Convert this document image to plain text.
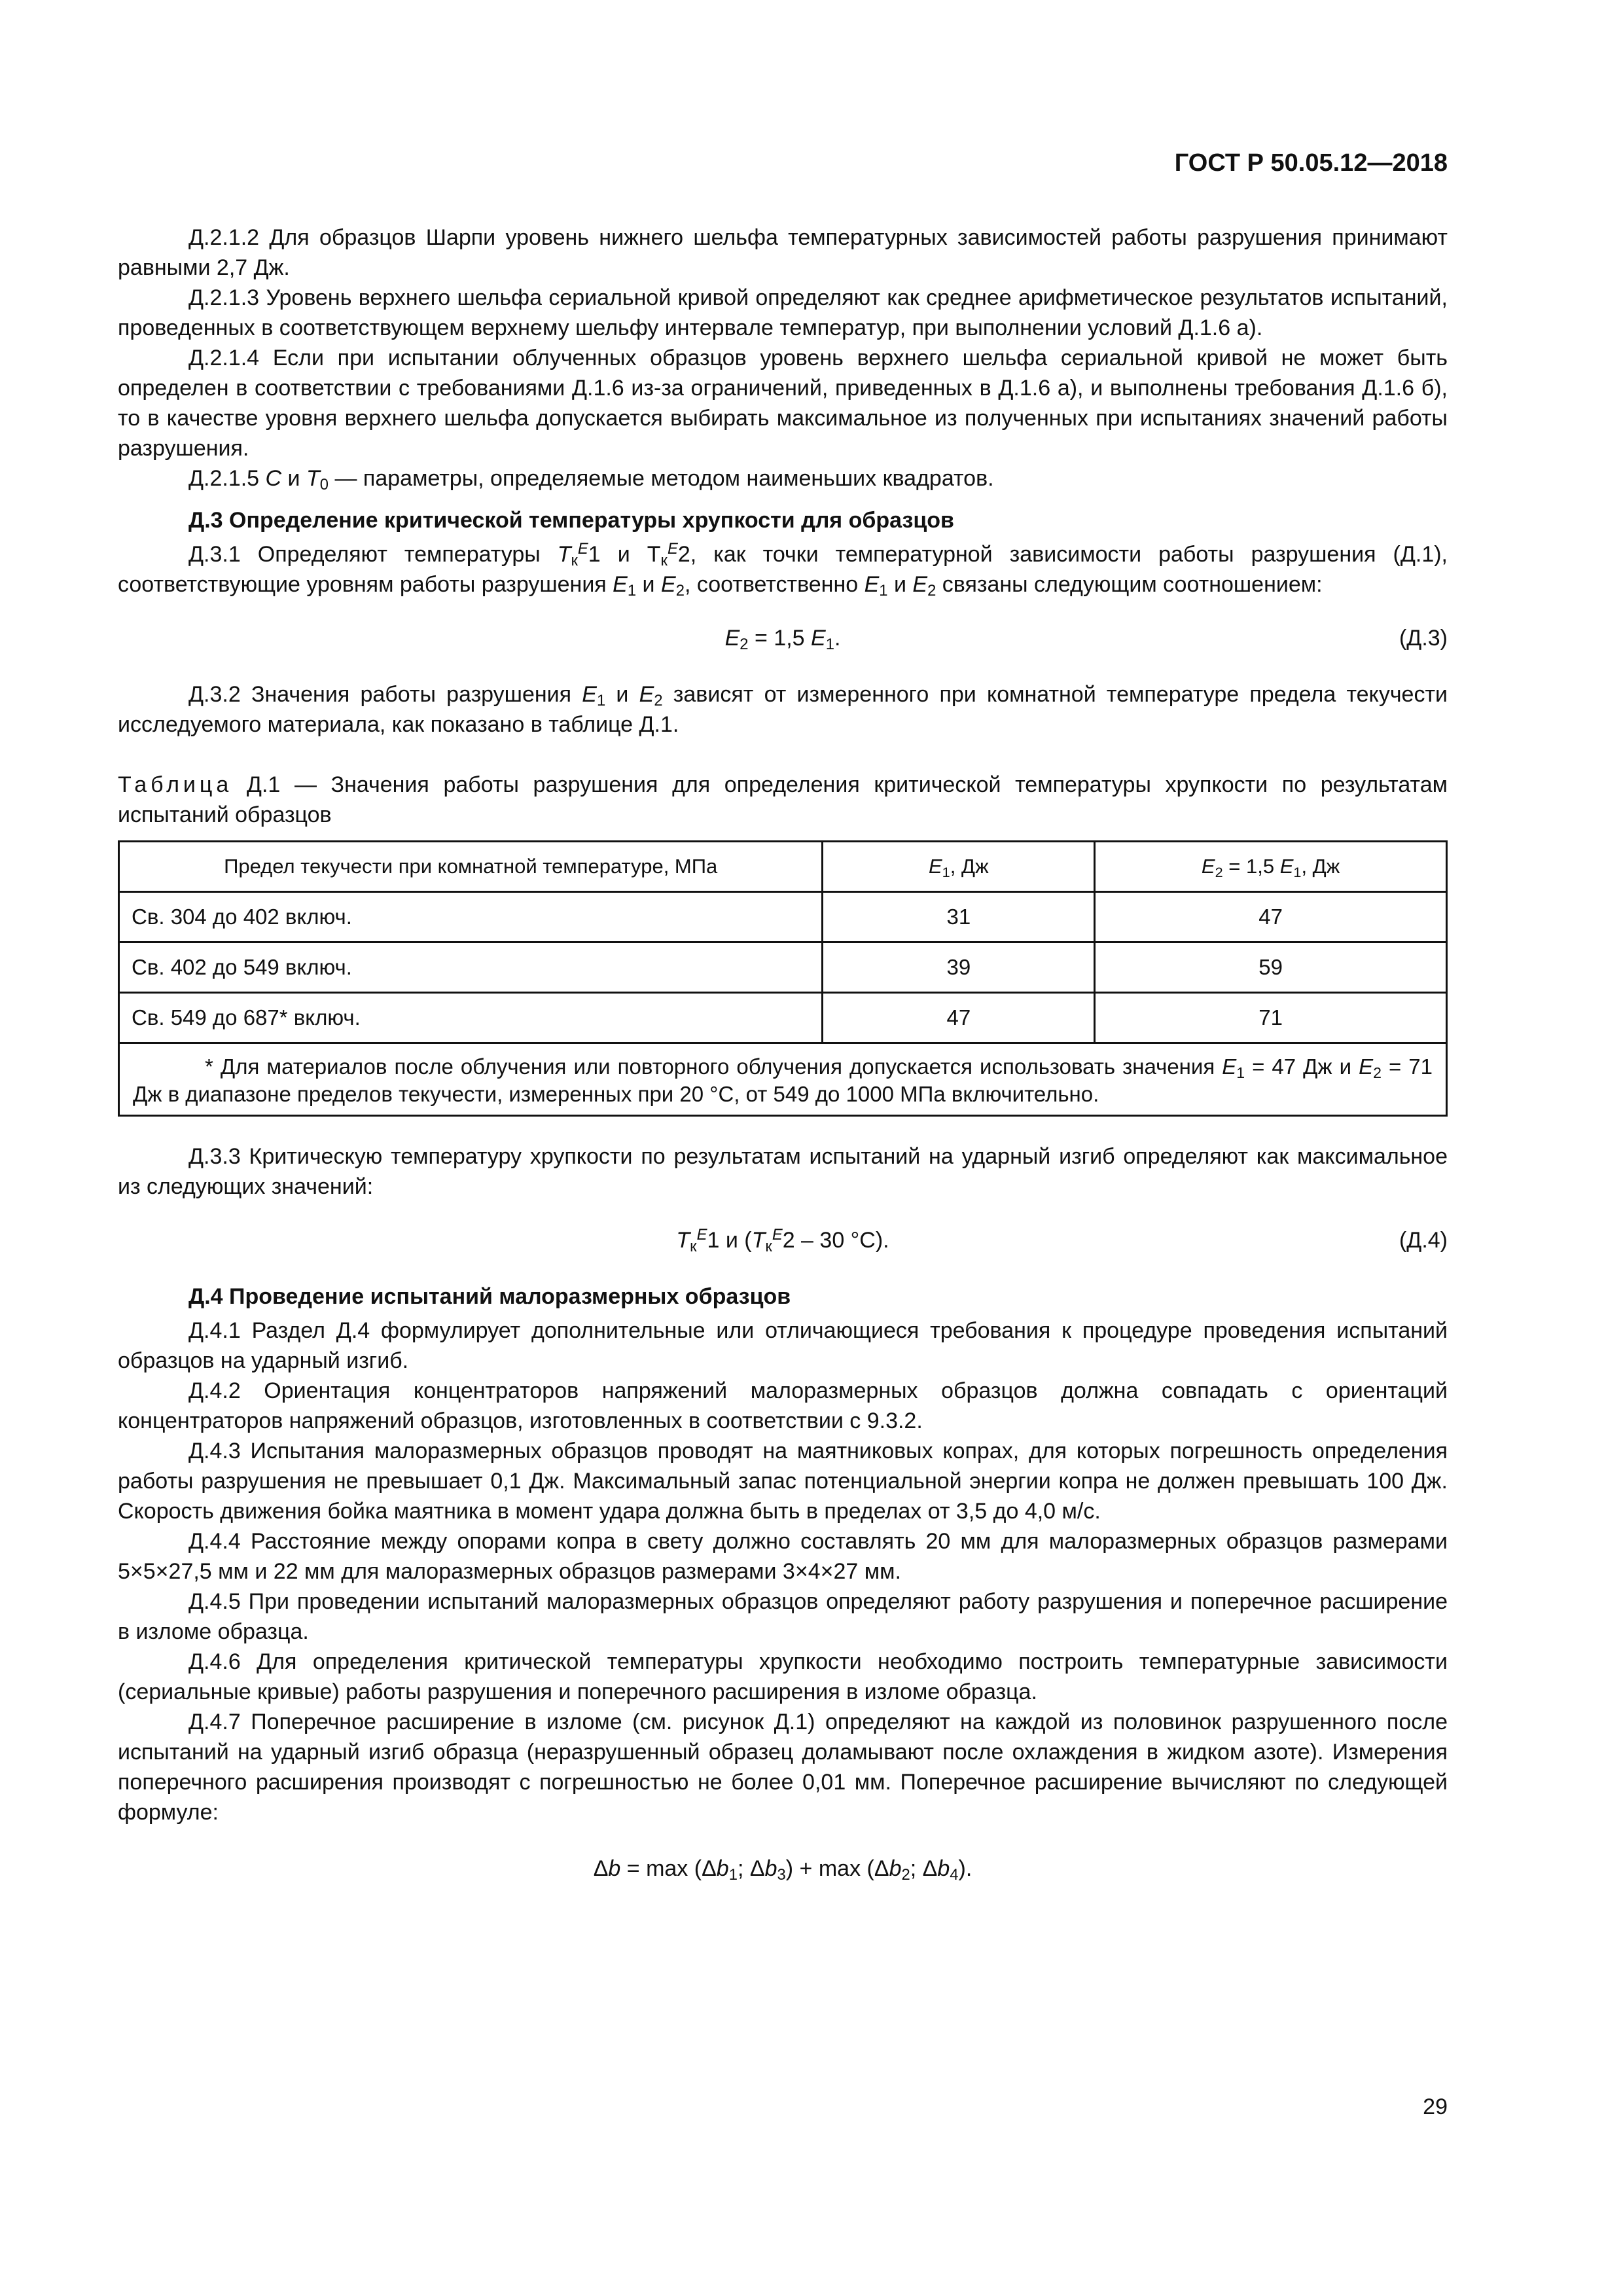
ГОСТ Р 50.05.12—2018

Д.2.1.2 Для образцов Шарпи уровень нижнего шельфа температурных зависимостей работы разрушения принимают равными 2,7 Дж.

Д.2.1.3 Уровень верхнего шельфа сериальной кривой определяют как среднее арифметическое результатов испытаний, проведенных в соответствующем верхнему шельфу интервале температур, при выполнении условий Д.1.6 а).

Д.2.1.4 Если при испытании облученных образцов уровень верхнего шельфа сериальной кривой не может быть определен в соответствии с требованиями Д.1.6 из-за ограничений, приведенных в Д.1.6 а), и выполнены требования Д.1.6 б), то в качестве уровня верхнего шельфа допускается выбирать максимальное из полученных при испытаниях значений работы разрушения.

Д.2.1.5 C и $T_0$ — параметры, определяемые методом наименьших квадратов.

Д.3 Определение критической температуры хрупкости для образцов

Д.3.1 Определяют температуры $T_к^E1$ и $T_к^E2$, как точки температурной зависимости работы разрушения (Д.1), соответствующие уровням работы разрушения $E_1$ и $E_2$, соответственно $E_1$ и $E_2$ связаны следующим соотношением:

$E_2 = 1,5$ $E_1$.	(Д.3)

Д.3.2 Значения работы разрушения $E_1$ и $E_2$ зависят от измеренного при комнатной температуре предела текучести исследуемого материала, как показано в таблице Д.1.

Таблица Д.1 — Значения работы разрушения для определения критической температуры хрупкости по результатам испытаний образцов
Предел текучести при комнатной температуре, МПа	$E_1$, Дж	$E_2 = 1,5$ $E_1$, Дж
Св. 304 до 402 включ.	31	47
Св. 402 до 549 включ.	39	59
Св. 549 до 687* включ.	47	71
* Для материалов после облучения или повторного облучения допускается использовать значения $E_1 = 47$ Дж и $E_2 = 71$ Дж в диапазоне пределов текучести, измеренных при 20 °С, от 549 до 1000 МПа включительно.		

Д.3.3 Критическую температуру хрупкости по результатам испытаний на ударный изгиб определяют как максимальное из следующих значений:

$T_к^E1$ и ($T_к^E2 - 30$ °С).	(Д.4)
Д.4 Проведение испытаний малоразмерных образцов

Д.4.1 Раздел Д.4 формулирует дополнительные или отличающиеся требования к процедуре проведения испытаний образцов на ударный изгиб.

Д.4.2 Ориентация концентраторов напряжений малоразмерных образцов должна совпадать с ориентаций концентраторов напряжений образцов, изготовленных в соответствии с 9.3.2.

Д.4.3 Испытания малоразмерных образцов проводят на маятниковых копрах, для которых погрешность определения работы разрушения не превышает 0,1 Дж. Максимальный запас потенциальной энергии копра не должен превышать 100 Дж. Скорость движения бойка маятника в момент удара должна быть в пределах от 3,5 до 4,0 м/с.

Д.4.4 Расстояние между опорами копра в свету должно составлять 20 мм для малоразмерных образцов размерами 5×5×27,5 мм и 22 мм для малоразмерных образцов размерами 3×4×27 мм.

Д.4.5 При проведении испытаний малоразмерных образцов определяют работу разрушения и поперечное расширение в изломе образца.

Д.4.6 Для определения критической температуры хрупкости необходимо построить температурные зависимости (сериальные кривые) работы разрушения и поперечного расширения в изломе образца.

Д.4.7 Поперечное расширение в изломе (см. рисунок Д.1) определяют на каждой из половинок разрушенного после испытаний на ударный изгиб образца (неразрушенный образец доламывают после охлаждения в жидком азоте). Измерения поперечного расширения производят с погрешностью не более 0,01 мм. Поперечное расширение вычисляют по следующей формуле:

$\Delta b = \max (\Delta b_1$; $\Delta b_3) + \max (\Delta b_2$; $\Delta b_4$).
29
